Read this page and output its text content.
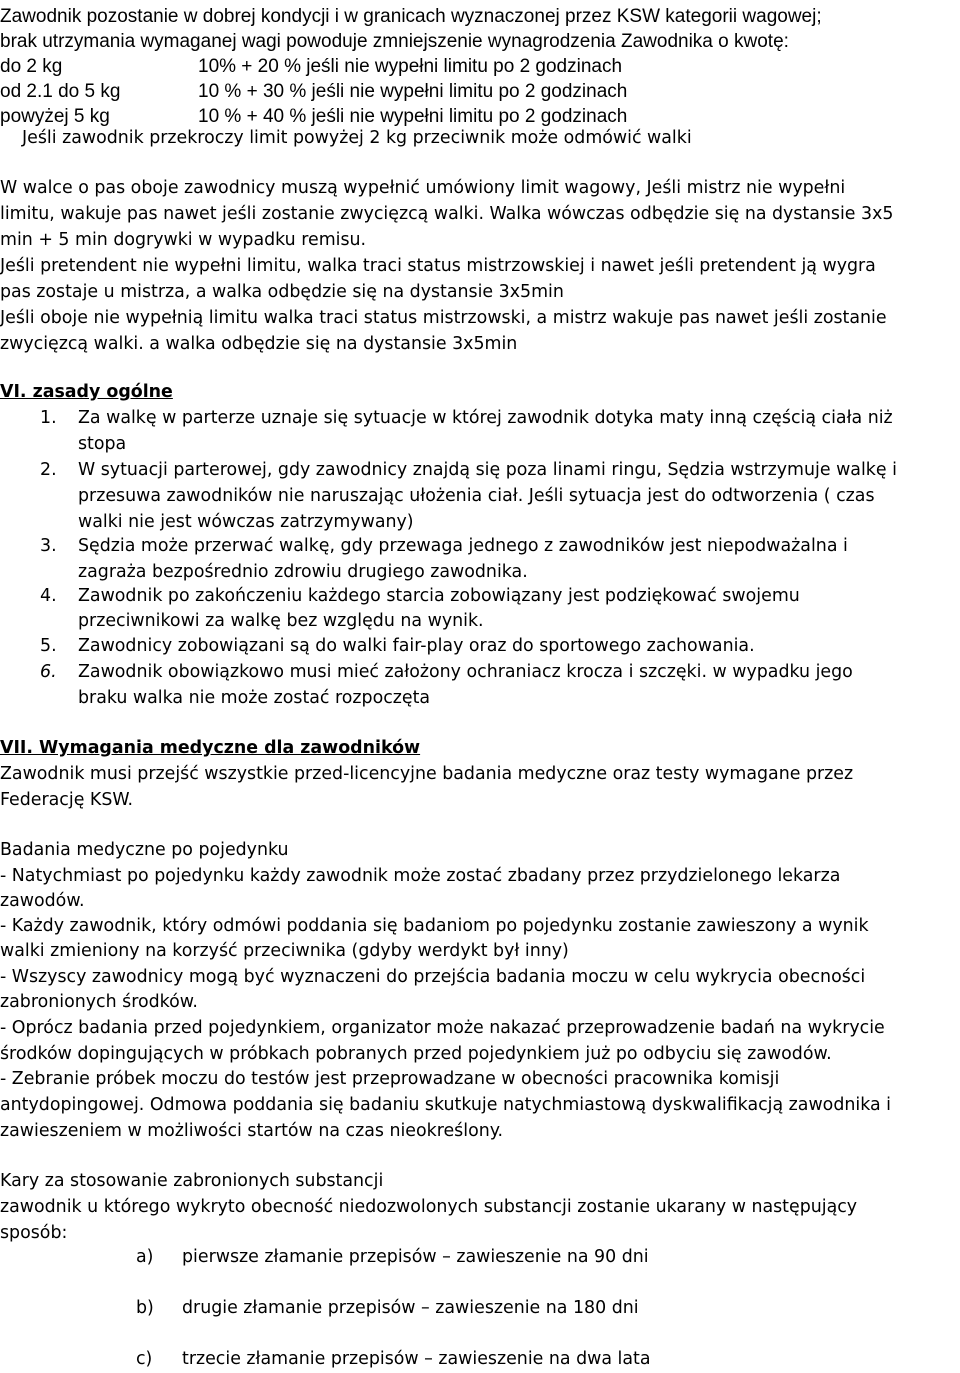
Zawodnik pozostanie w dobrej kondycji i w granicach wyznaczonej przez KSW kategorii wagowej;
brak utrzymania wymaganej wagi powoduje zmniejszenie wynagrodzenia Zawodnika o kwotę:
do 2 kg	10% + 20 % jeśli nie wypełni limitu po 2 godzinach
od 2.1 do 5 kg	10 % + 30 % jeśli nie wypełni limitu po 2 godzinach
powyżej 5 kg	10 % + 40 % jeśli nie wypełni limitu po 2 godzinach
Jeśli zawodnik przekroczy limit powyżej 2 kg przeciwnik może odmówić walki
W walce o pas oboje zawodnicy muszą wypełnić umówiony limit wagowy, Jeśli mistrz nie wypełni
limitu, wakuje pas nawet jeśli zostanie zwycięzcą walki. Walka wówczas odbędzie się na dystansie 3x5
min + 5 min dogrywki w wypadku remisu.
Jeśli pretendent nie wypełni limitu, walka traci status mistrzowskiej i nawet jeśli pretendent ją wygra
pas zostaje u mistrza, a walka odbędzie się na dystansie 3x5min
Jeśli oboje nie wypełnią limitu walka traci status mistrzowski, a mistrz wakuje pas nawet jeśli zostanie
zwycięzcą walki. a walka odbędzie się na dystansie 3x5min
VI. zasady ogólne
1. Za walkę w parterze uznaje się sytuacje w której zawodnik dotyka maty inną częścią ciała niż
stopa
2. W sytuacji parterowej, gdy zawodnicy znajdą się poza linami ringu, Sędzia wstrzymuje walkę i
przesuwa zawodników nie naruszając ułożenia ciał. Jeśli sytuacja jest do odtworzenia ( czas
walki nie jest wówczas zatrzymywany)
3. Sędzia może przerwać walkę, gdy przewaga jednego z zawodników jest niepodważalna i
zagraża bezpośrednio zdrowiu drugiego zawodnika.
4. Zawodnik po zakończeniu każdego starcia zobowiązany jest podziękować swojemu
przeciwnikowi za walkę bez względu na wynik.
5. Zawodnicy zobowiązani są do walki fair-play oraz do sportowego zachowania.
6. Zawodnik obowiązkowo musi mieć założony ochraniacz krocza i szczęki. w wypadku jego
braku walka nie może zostać rozpoczęta
VII. Wymagania medyczne dla zawodników
Zawodnik musi przejść wszystkie przed-licencyjne badania medyczne oraz testy wymagane przez
Federację KSW.
Badania medyczne po pojedynku
- Natychmiast po pojedynku każdy zawodnik może zostać zbadany przez przydzielonego lekarza
zawodów.
- Każdy zawodnik, który odmówi poddania się badaniom po pojedynku zostanie zawieszony a wynik
walki zmieniony na korzyść przeciwnika (gdyby werdykt był inny)
- Wszyscy zawodnicy mogą być wyznaczeni do przejścia badania moczu w celu wykrycia obecności
zabronionych środków.
- Oprócz badania przed pojedynkiem, organizator może nakazać przeprowadzenie badań na wykrycie
środków dopingujących w próbkach pobranych przed pojedynkiem już po odbyciu się zawodów.
- Zebranie próbek moczu do testów jest przeprowadzane w obecności pracownika komisji
antydopingowej. Odmowa poddania się badaniu skutkuje natychmiastową dyskwalifikacją zawodnika i
zawieszeniem w możliwości startów na czas nieokreślony.
Kary za stosowanie zabronionych substancji
zawodnik u którego wykryto obecność niedozwolonych substancji zostanie ukarany w następujący
sposób:
a) pierwsze złamanie przepisów – zawieszenie na 90 dni
b) drugie złamanie przepisów – zawieszenie na 180 dni
c) trzecie złamanie przepisów – zawieszenie na dwa lata
